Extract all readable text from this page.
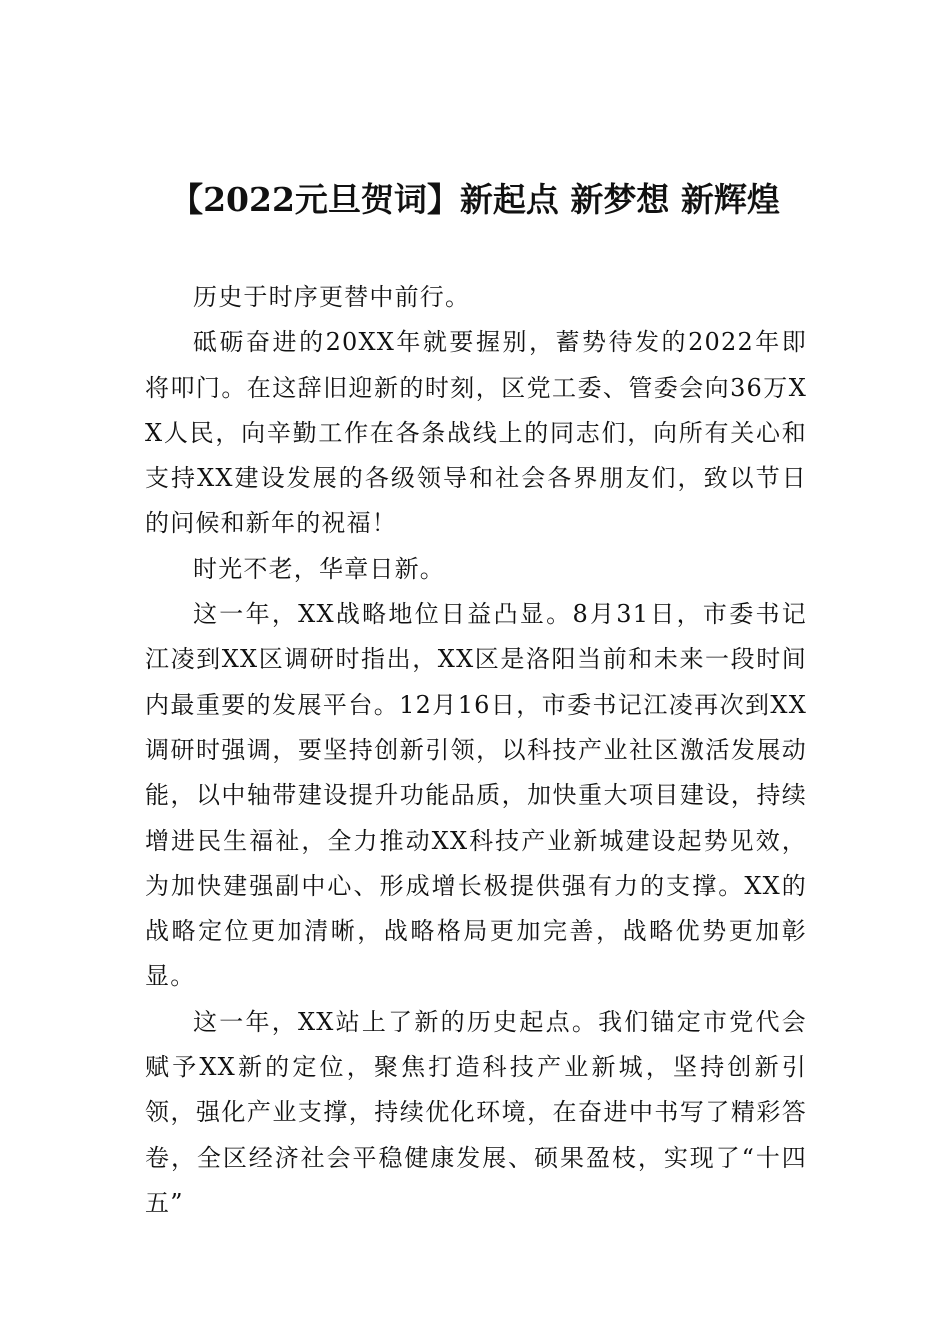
【2022元旦贺词】新起点 新梦想 新辉煌

历史于时序更替中前行。

砥砺奋进的20XX年就要握别，蓄势待发的2022年即将叩门。在这辞旧迎新的时刻，区党工委、管委会向36万XX人民，向辛勤工作在各条战线上的同志们，向所有关心和支持XX建设发展的各级领导和社会各界朋友们，致以节日的问候和新年的祝福！

时光不老，华章日新。

这一年，XX战略地位日益凸显。8月31日，市委书记江凌到XX区调研时指出，XX区是洛阳当前和未来一段时间内最重要的发展平台。12月16日，市委书记江凌再次到XX调研时强调，要坚持创新引领，以科技产业社区激活发展动能，以中轴带建设提升功能品质，加快重大项目建设，持续增进民生福祉，全力推动XX科技产业新城建设起势见效，为加快建强副中心、形成增长极提供强有力的支撑。XX的战略定位更加清晰，战略格局更加完善，战略优势更加彰显。

这一年，XX站上了新的历史起点。我们锚定市党代会赋予XX新的定位，聚焦打造科技产业新城，坚持创新引领，强化产业支撑，持续优化环境，在奋进中书写了精彩答卷，全区经济社会平稳健康发展、硕果盈枝，实现了“十四五”
